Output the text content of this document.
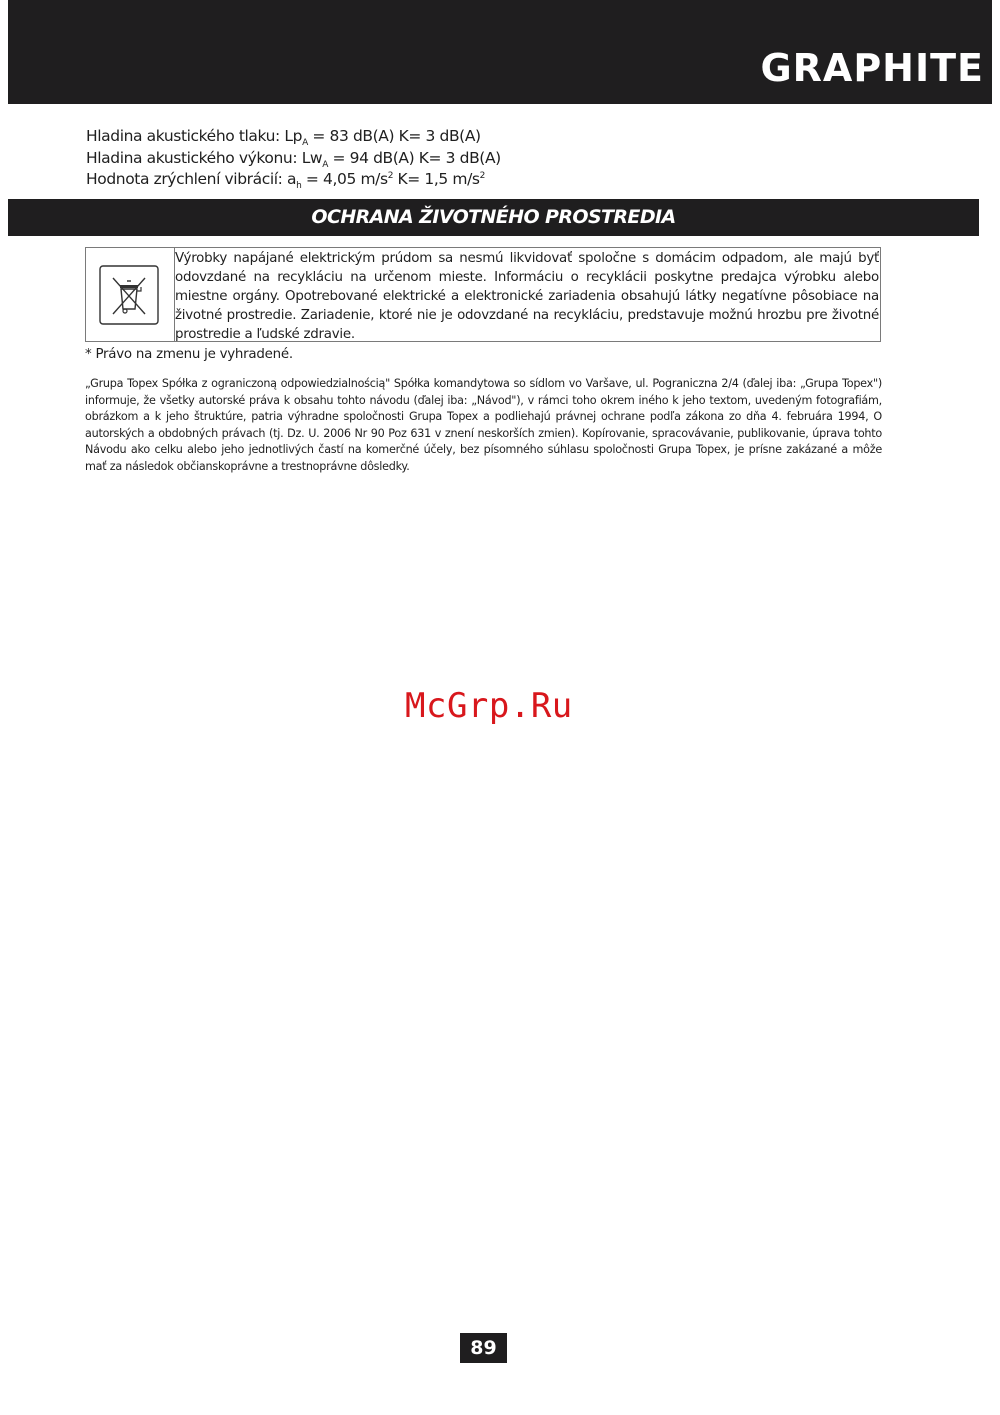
GRAPHITE
Hladina akustického tlaku: $Lp_A = 83$ dB(A) K= 3 dB(A)
Hladina akustického výkonu: $Lw_A = 94$ dB(A) K= 3 dB(A)
Hodnota zrýchlení vibrácií: $a_h = 4,05$ $m/s^2$ K= 1,5 $m/s^2$
OCHRANA ŽIVOTNÉHO PROSTREDIA
Výrobky napájané elektrickým prúdom sa nesmú likvidovať spoločne s domácim odpadom, ale majú byť odovzdané na recykláciu na určenom mieste. Informáciu o recyklácii poskytne predajca výrobku alebo miestne orgány. Opotrebované elektrické a elektronické zariadenia obsahujú látky negatívne pôsobiace na životné prostredie. Zariadenie, ktoré nie je odovzdané na recykláciu, predstavuje možnú hrozbu pre životné prostredie a ľudské zdravie.
* Právo na zmenu je vyhradené.
„Grupa Topex Spółka z ograniczoną odpowiedzialnością" Spółka komandytowa so sídlom vo Varšave, ul. Pograniczna 2/4 (ďalej iba: „Grupa Topex") informuje, že všetky autorské práva k obsahu tohto návodu (ďalej iba: „Návod"), v rámci toho okrem iného k jeho textom, uvedeným fotografiám, obrázkom a k jeho štruktúre, patria výhradne spoločnosti Grupa Topex a podliehajú právnej ochrane podľa zákona zo dňa 4. februára 1994, O autorských a obdobných právach (tj. Dz. U. 2006 Nr 90 Poz 631 v znení neskorších zmien). Kopírovanie, spracovávanie, publikovanie, úprava tohto Návodu ako celku alebo jeho jednotlivých častí na komerčné účely, bez písomného súhlasu spoločnosti Grupa Topex, je prísne zakázané a môže mať za následok občianskoprávne a trestnoprávne dôsledky.
McGrp.Ru
89
